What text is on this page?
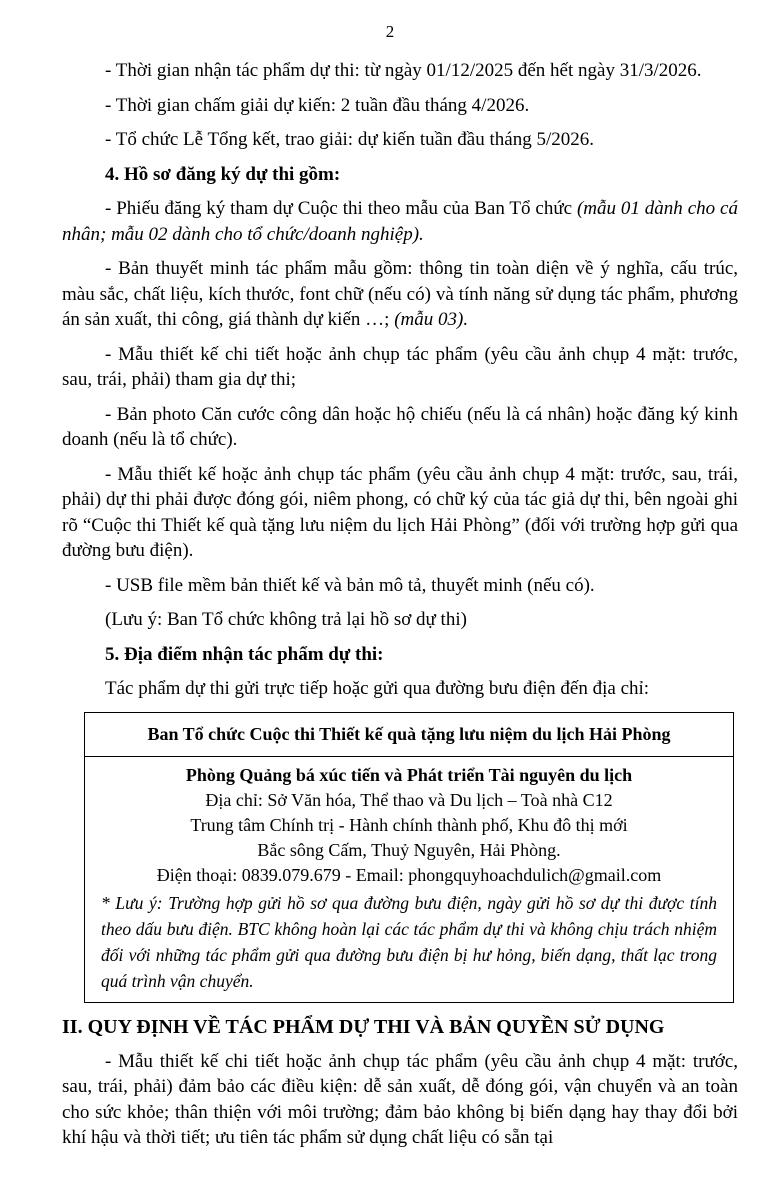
2

- Thời gian nhận tác phẩm dự thi: từ ngày 01/12/2025 đến hết ngày 31/3/2026.

- Thời gian chấm giải dự kiến: 2 tuần đầu tháng 4/2026.

- Tổ chức Lễ Tổng kết, trao giải: dự kiến tuần đầu tháng 5/2026.

4. Hồ sơ đăng ký dự thi gồm:

- Phiếu đăng ký tham dự Cuộc thi theo mẫu của Ban Tổ chức (mẫu 01 dành cho cá nhân; mẫu 02 dành cho tổ chức/doanh nghiệp).

- Bản thuyết minh tác phẩm mẫu gồm: thông tin toàn diện về ý nghĩa, cấu trúc, màu sắc, chất liệu, kích thước, font chữ (nếu có) và tính năng sử dụng tác phẩm, phương án sản xuất, thi công, giá thành dự kiến …; (mẫu 03).

- Mẫu thiết kế chi tiết hoặc ảnh chụp tác phẩm (yêu cầu ảnh chụp 4 mặt: trước, sau, trái, phải) tham gia dự thi;

- Bản photo Căn cước công dân hoặc hộ chiếu (nếu là cá nhân) hoặc đăng ký kinh doanh (nếu là tổ chức).

- Mẫu thiết kế hoặc ảnh chụp tác phẩm (yêu cầu ảnh chụp 4 mặt: trước, sau, trái, phải) dự thi phải được đóng gói, niêm phong, có chữ ký của tác giả dự thi, bên ngoài ghi rõ “Cuộc thi Thiết kế quà tặng lưu niệm du lịch Hải Phòng” (đối với trường hợp gửi qua đường bưu điện).

- USB file mềm bản thiết kế và bản mô tả, thuyết minh (nếu có).

(Lưu ý: Ban Tổ chức không trả lại hồ sơ dự thi)

5. Địa điểm nhận tác phẩm dự thi:

Tác phẩm dự thi gửi trực tiếp hoặc gửi qua đường bưu điện đến địa chỉ:

Ban Tổ chức Cuộc thi Thiết kế quà tặng lưu niệm du lịch Hải Phòng
Phòng Quảng bá xúc tiến và Phát triển Tài nguyên du lịch
Địa chỉ: Sở Văn hóa, Thể thao và Du lịch – Toà nhà C12
Trung tâm Chính trị - Hành chính thành phố, Khu đô thị mới
Bắc sông Cấm, Thuỷ Nguyên, Hải Phòng.
Điện thoại: 0839.079.679 - Email: phongquyhoachdulich@gmail.com
* Lưu ý: Trường hợp gửi hồ sơ qua đường bưu điện, ngày gửi hồ sơ dự thi được tính theo dấu bưu điện. BTC không hoàn lại các tác phẩm dự thi và không chịu trách nhiệm đối với những tác phẩm gửi qua đường bưu điện bị hư hỏng, biến dạng, thất lạc trong quá trình vận chuyển.
II. QUY ĐỊNH VỀ TÁC PHẨM DỰ THI VÀ BẢN QUYỀN SỬ DỤNG

- Mẫu thiết kế chi tiết hoặc ảnh chụp tác phẩm (yêu cầu ảnh chụp 4 mặt: trước, sau, trái, phải) đảm bảo các điều kiện: dễ sản xuất, dễ đóng gói, vận chuyển và an toàn cho sức khỏe; thân thiện với môi trường; đảm bảo không bị biến dạng hay thay đổi bởi khí hậu và thời tiết; ưu tiên tác phẩm sử dụng chất liệu có sẵn tại
